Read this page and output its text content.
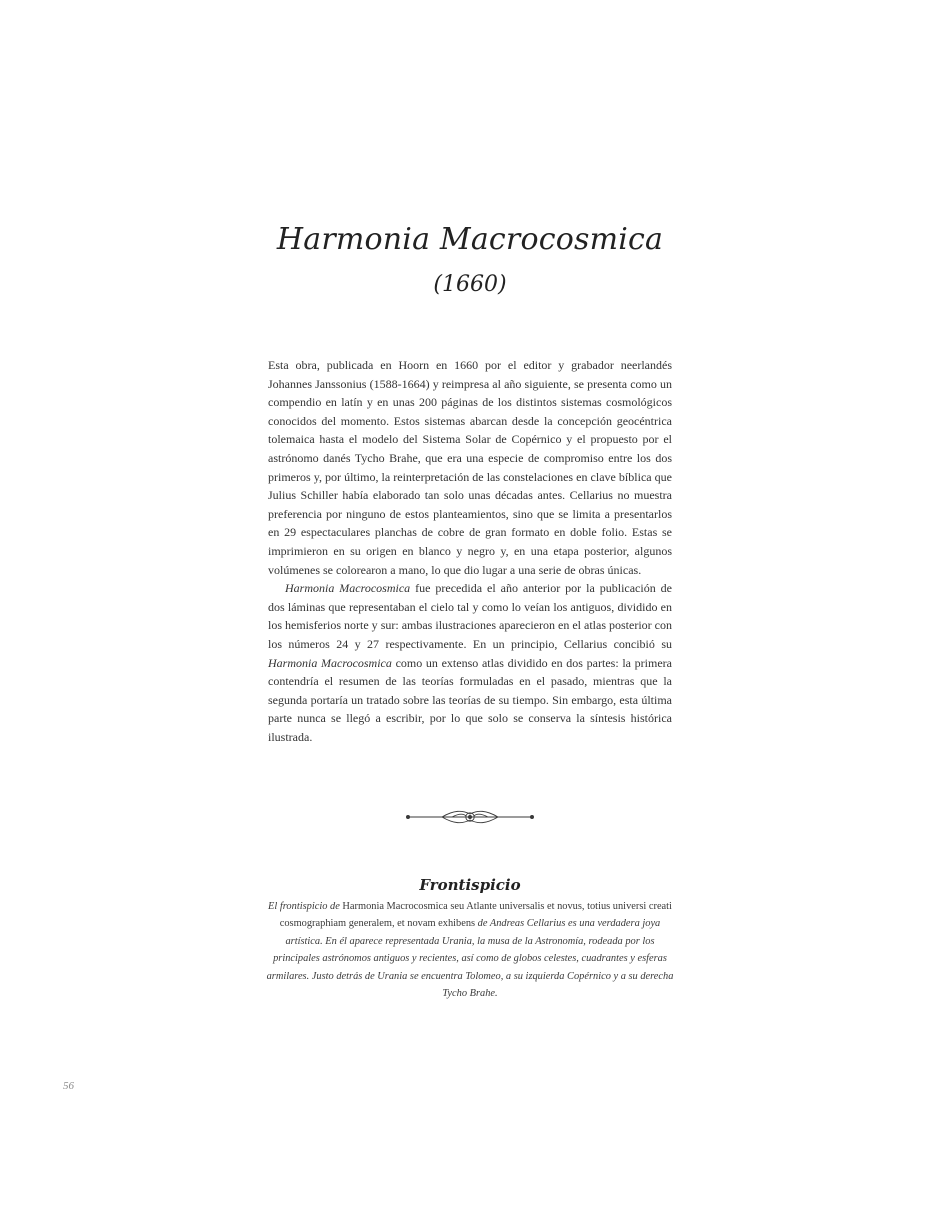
Harmonia Macrocosmica
(1660)

Esta obra, publicada en Hoorn en 1660 por el editor y grabador neerlandés Johannes Janssonius (1588-1664) y reimpresa al año siguiente, se presenta como un compendio en latín y en unas 200 páginas de los distintos sistemas cosmológicos conocidos del momento. Estos sistemas abarcan desde la concepción geocéntrica tolemaica hasta el modelo del Sistema Solar de Copérnico y el propuesto por el astrónomo danés Tycho Brahe, que era una especie de compromiso entre los dos primeros y, por último, la reinterpretación de las constelaciones en clave bíblica que Julius Schiller había elaborado tan solo unas décadas antes. Cellarius no muestra preferencia por ninguno de estos planteamientos, sino que se limita a presentarlos en 29 espectaculares planchas de cobre de gran formato en doble folio. Estas se imprimieron en su origen en blanco y negro y, en una etapa posterior, algunos volúmenes se colorearon a mano, lo que dio lugar a una serie de obras únicas.

Harmonia Macrocosmica fue precedida el año anterior por la publicación de dos láminas que representaban el cielo tal y como lo veían los antiguos, dividido en los hemisferios norte y sur: ambas ilustraciones aparecieron en el atlas posterior con los números 24 y 27 respectivamente. En un principio, Cellarius concibió su Harmonia Macrocosmica como un extenso atlas dividido en dos partes: la primera contendría el resumen de las teorías formuladas en el pasado, mientras que la segunda portaría un tratado sobre las teorías de su tiempo. Sin embargo, esta última parte nunca se llegó a escribir, por lo que solo se conserva la síntesis histórica ilustrada.

Frontispicio
El frontispicio de Harmonia Macrocosmica seu Atlante universalis et novus, totius universi creati cosmographiam generalem, et novam exhibens de Andreas Cellarius es una verdadera joya artística. En él aparece representada Urania, la musa de la Astronomía, rodeada por los principales astrónomos antiguos y recientes, así como de globos celestes, cuadrantes y esferas armilares. Justo detrás de Urania se encuentra Tolomeo, a su izquierda Copérnico y a su derecha Tycho Brahe.
56
